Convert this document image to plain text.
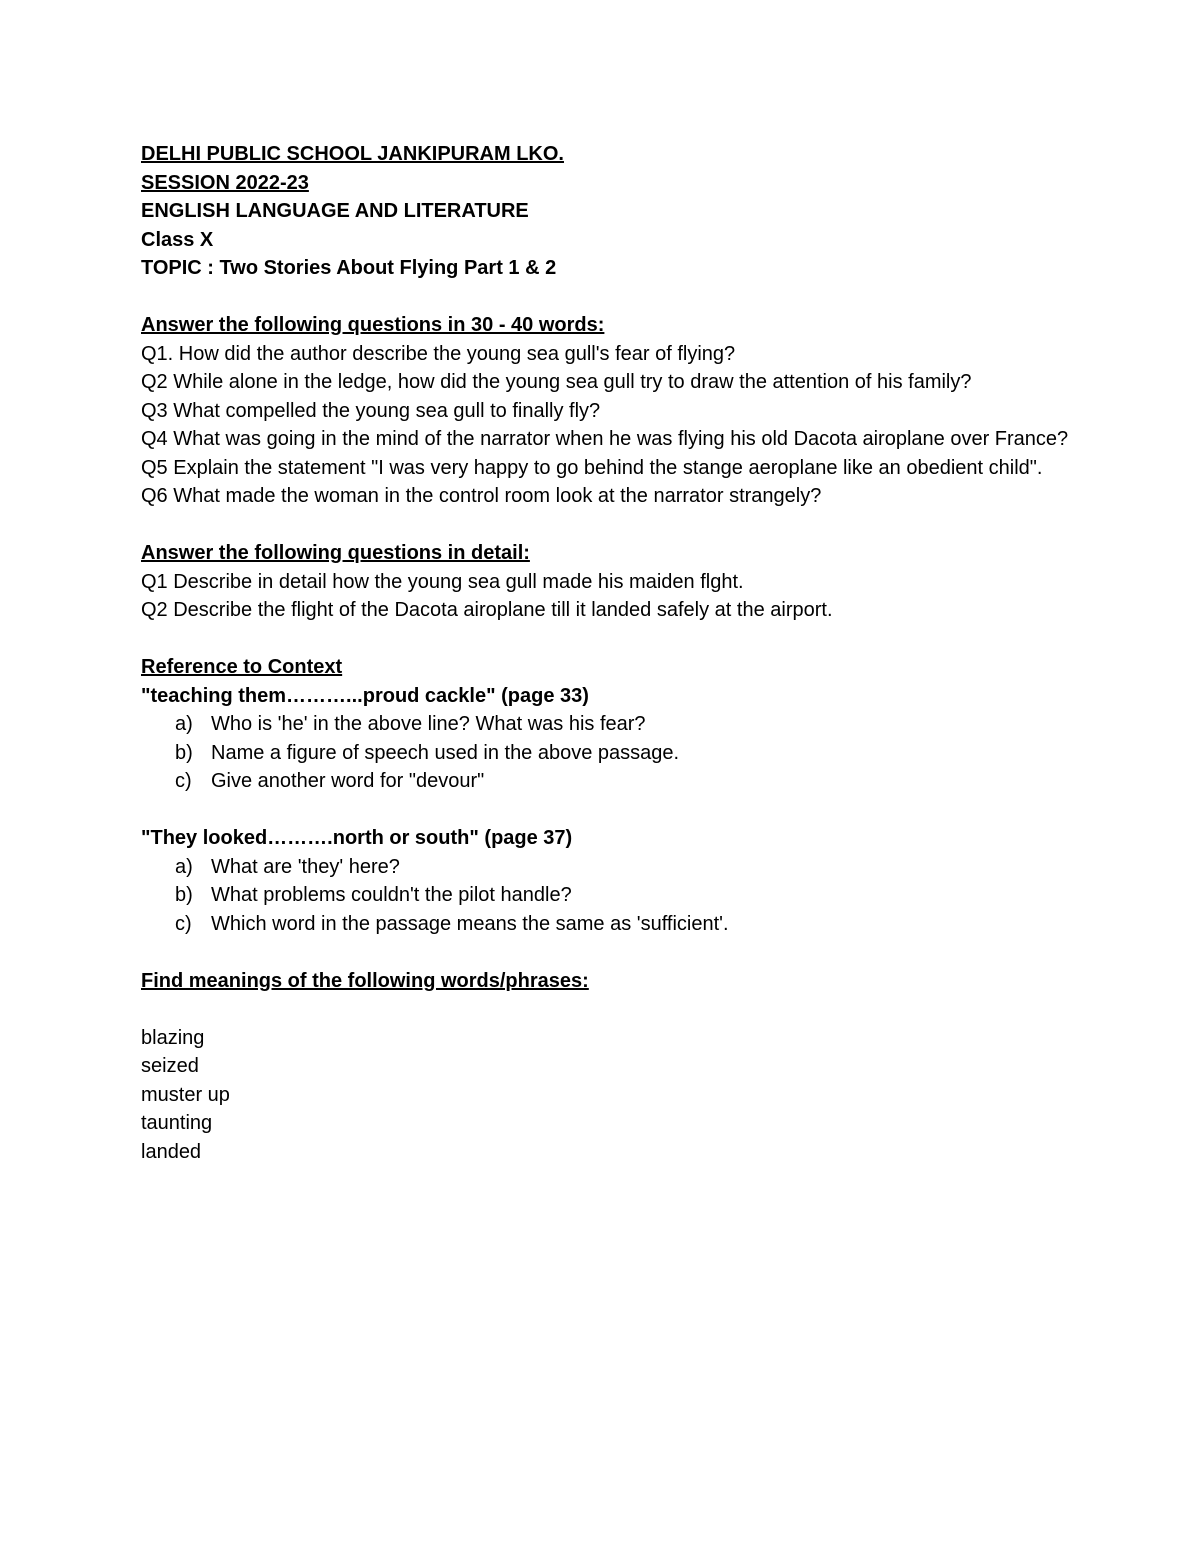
DELHI PUBLIC SCHOOL JANKIPURAM LKO.
SESSION 2022-23
ENGLISH LANGUAGE AND LITERATURE
Class X
TOPIC : Two Stories About Flying Part 1 & 2
Answer the following questions in 30 - 40 words:
Q1. How did the author describe the young sea gull's fear of flying?
Q2 While alone in the ledge, how did the young sea gull try to draw the attention of his family?
Q3 What compelled the young sea gull to finally fly?
Q4 What was going in the mind of the narrator when he was flying his old Dacota airoplane over France?
Q5 Explain the statement "I was very happy to go behind the stange aeroplane like an obedient child".
Q6 What made the woman in the control room look at the narrator strangely?
Answer the following questions in detail:
Q1 Describe in detail how the young sea gull made his maiden flght.
Q2 Describe the flight of the Dacota airoplane till it landed safely at the airport.
Reference to Context
"teaching them………...proud cackle" (page 33)
a) Who is 'he' in the above line? What was his fear?
b) Name a figure of speech used in the above passage.
c) Give another word for "devour"
"They looked……….north or south" (page 37)
a) What are 'they' here?
b) What problems couldn't the pilot handle?
c) Which word in the passage means the same as 'sufficient'.
Find meanings of the following words/phrases:
blazing
seized
muster up
taunting
landed
